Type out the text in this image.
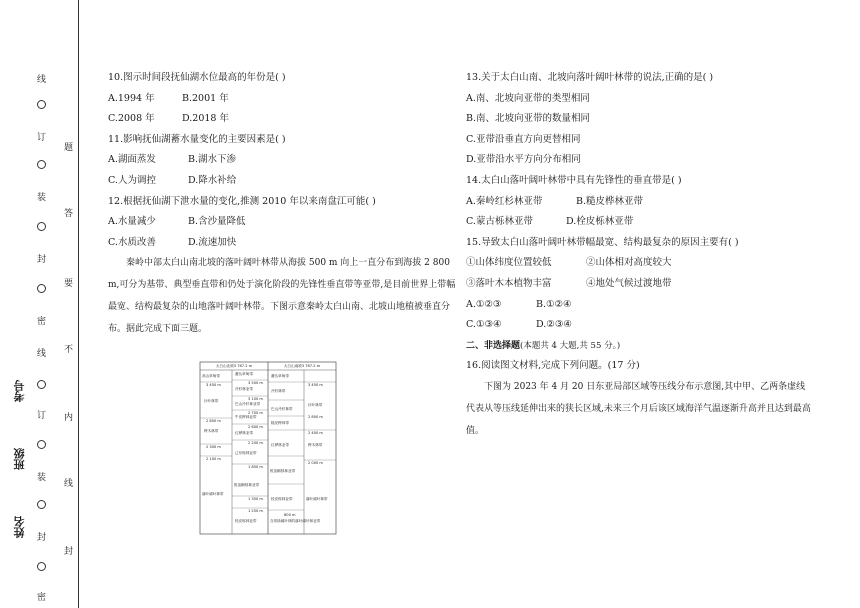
线
订
装
封
密
线
订
装
封
密
题
答
要
不
内
线
封
考号
班级
姓名

10.图示时间段抚仙湖水位最高的年份是( )

A.1994 年	B.2001 年

C.2008 年	D.2018 年

11.影响抚仙湖蓄水量变化的主要因素是( )

A.湖面蒸发	B.湖水下渗

C.人为调控	D.降水补给

12.根据抚仙湖下泄水量的变化,推测 2010 年以来南盘江可能( )

A.水量减少	B.含沙量降低

C.水质改善	D.流速加快

秦岭中部太白山南北坡的落叶阔叶林带从海拔 500 m 向上一直分布到海拔 2 800 m,可分为基带、典型垂直带和仍处于演化阶段的先锋性垂直带等亚带,是目前世界上带幅最宽、结构最复杂的山地落叶阔叶林带。下图示意秦岭太白山南、北坡山地植被垂直分布。据此完成下面三题。

太白山北坡3 767.2 m	太白山南坡3 767.2 m
高山草甸带
针叶林带
桦木林带
落叶阔叶林带
3 450 m
2 800 m
2 300 m
2 100 m
灌丛草甸带
冷杉林亚带
巴山冷杉林亚带
牛皮桦林亚带
红桦林亚带
辽东栎林亚带
锐齿槲栎林亚带
栓皮栎林亚带
3 500 m
3 100 m
2 700 m
2 600 m
2 200 m
1 850 m
1 350 m
1 250 m
灌丛草甸带
冷杉林带
巴山冷杉林带
糙皮桦林带
红桦林亚带
锐齿槲栎林亚带
栓皮栎林亚带
含常绿阔叶林的落叶阔叶林亚带
3 450 m
2 800 m
2 400 m
2 000 m
800 m
针叶林带
桦木林带
落叶阔叶林带

13.关于太白山南、北坡向落叶阔叶林带的说法,正确的是( )

A.南、北坡向亚带的类型相同

B.南、北坡向亚带的数量相同

C.亚带沿垂直方向更替相同

D.亚带沿水平方向分布相同

14.太白山落叶阔叶林带中具有先锋性的垂直带是( )

A.秦岭红杉林亚带	B.糙皮桦林亚带

C.蒙古栎林亚带	D.栓皮栎林亚带

15.导致太白山落叶阔叶林带幅最宽、结构最复杂的原因主要有( )

①山体纬度位置较低	②山体相对高度较大

③落叶木本植物丰富	④地处气候过渡地带

A.①②③	B.①②④

C.①③④	D.②③④

二、非选择题(本题共 4 大题,共 55 分。)

16.阅读图文材料,完成下列问题。(17 分)

下图为 2023 年 4 月 20 日东亚局部区域等压线分布示意图,其中甲、乙两条虚线代表从等压线延伸出来的狭长区域,未来三个月后该区域海洋气温逐渐升高并且达到最高值。
